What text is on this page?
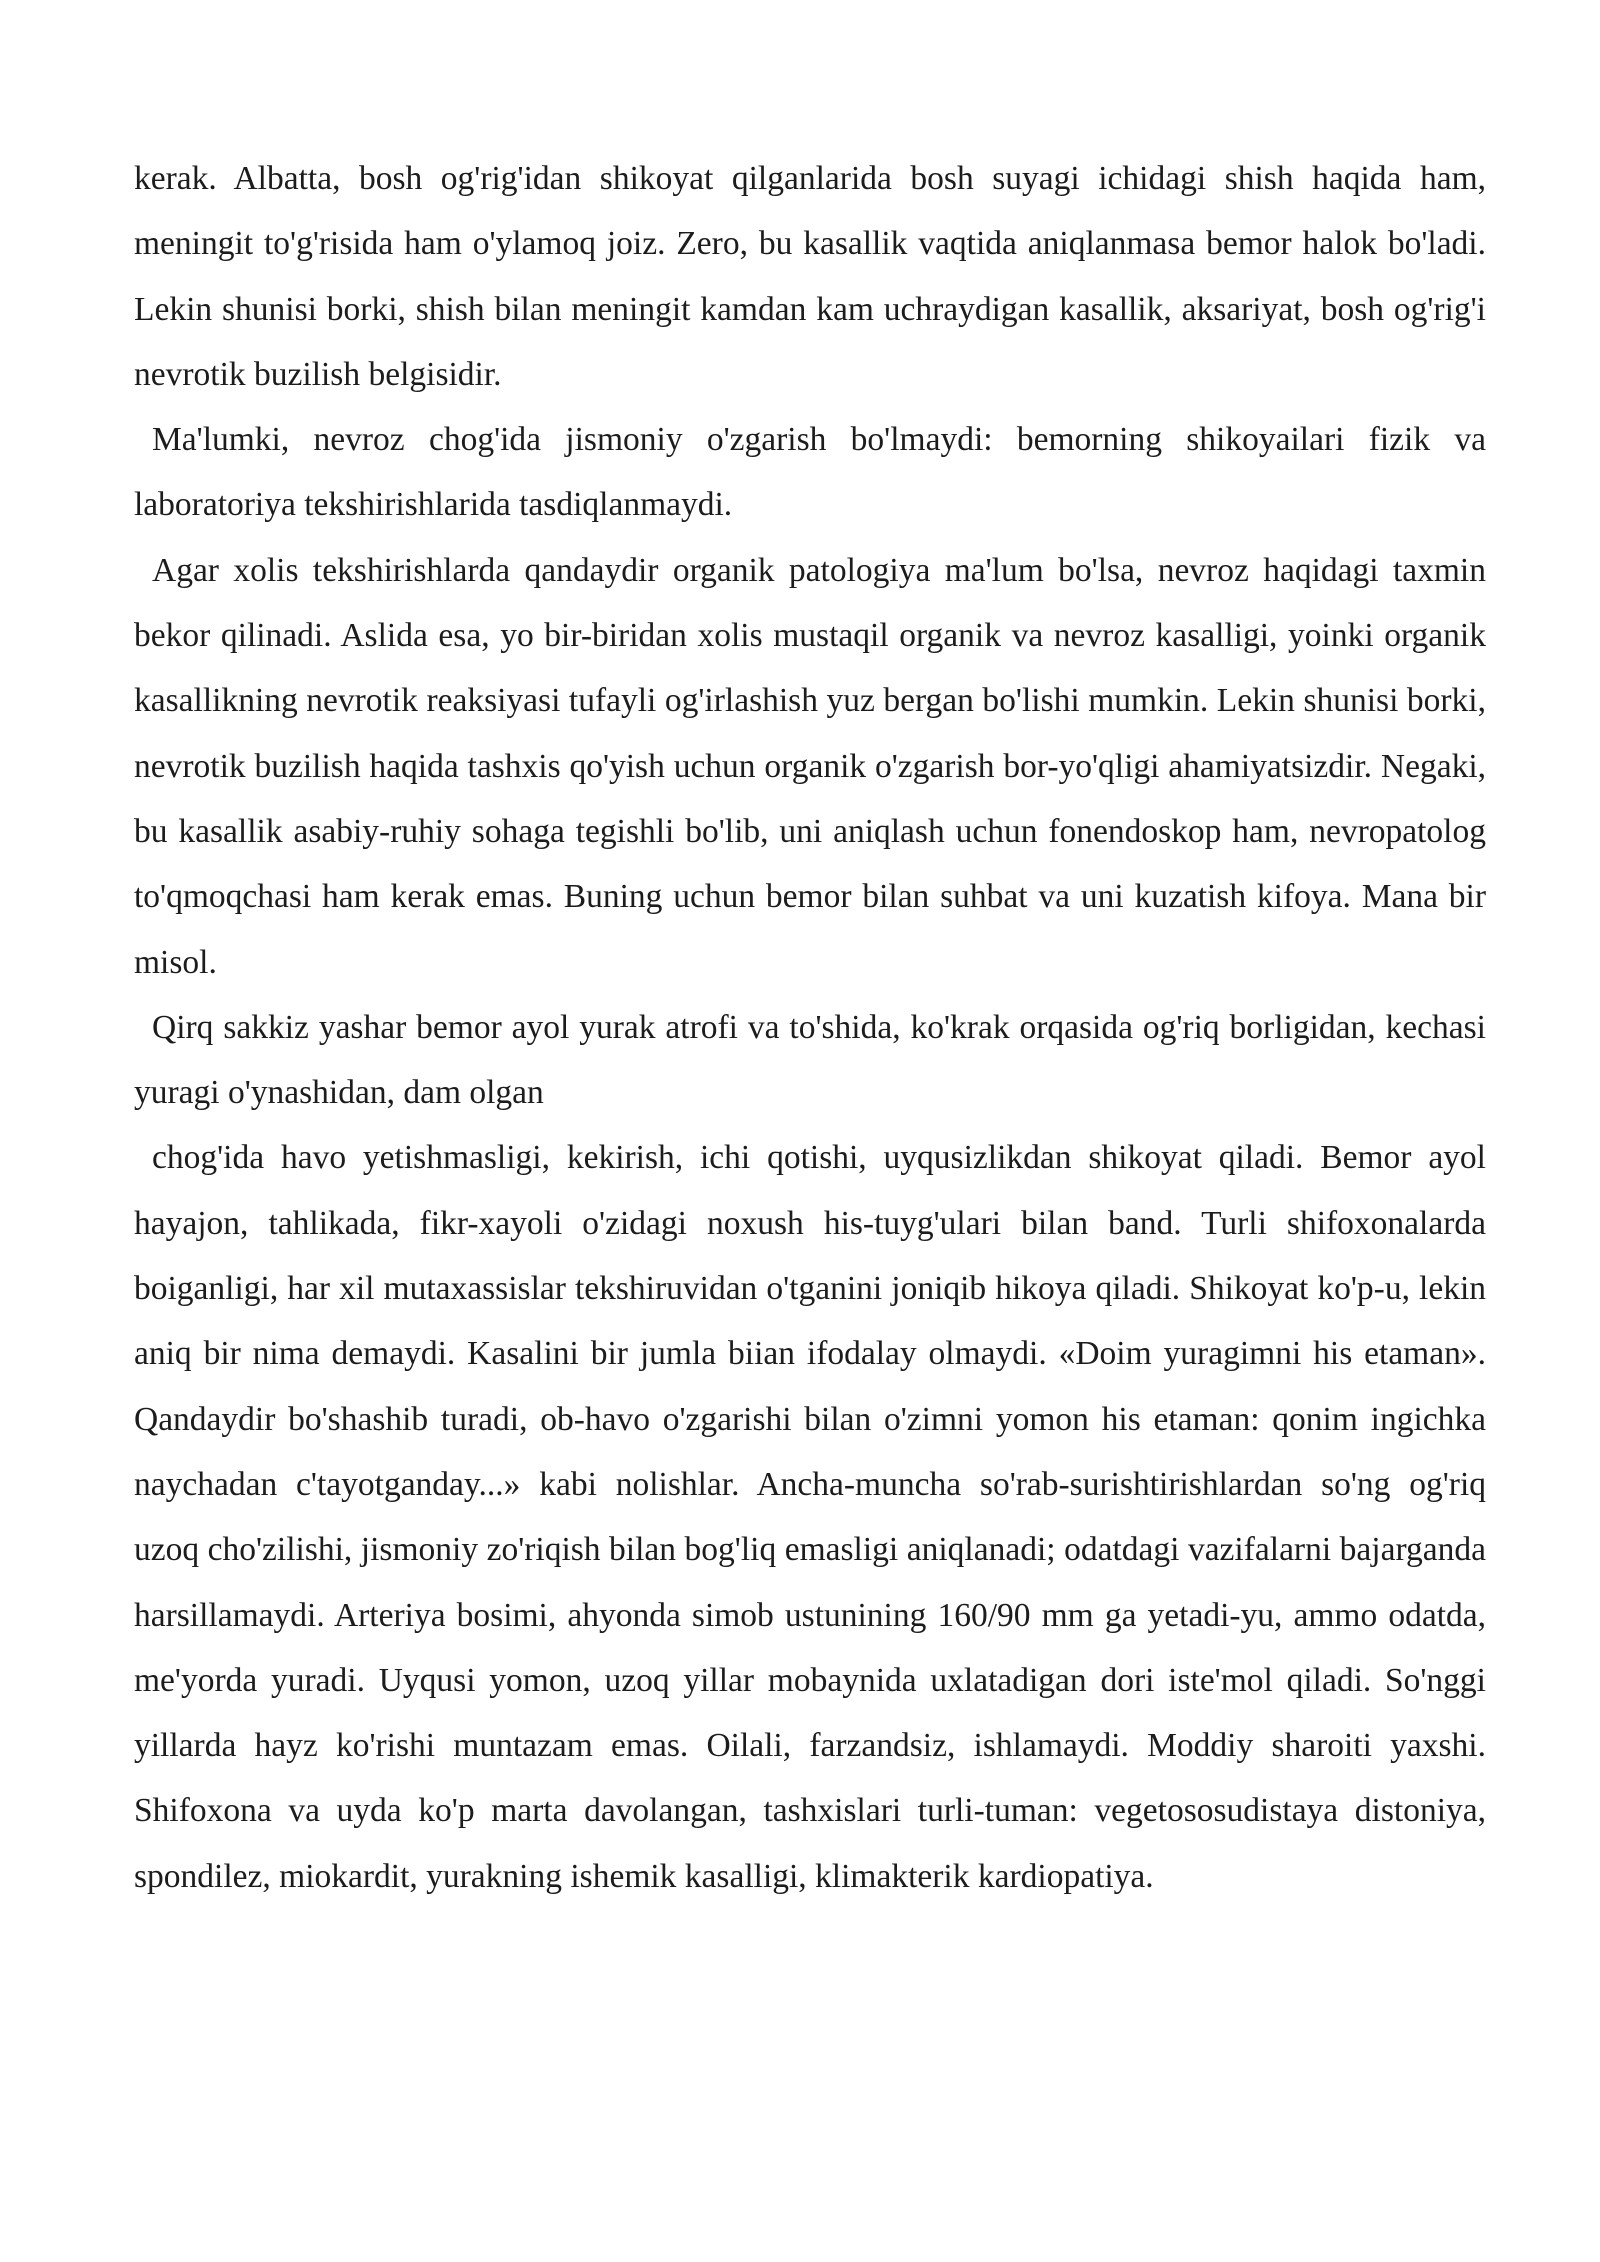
kerak. Albatta, bosh og'rig'idan shikoyat qilganlarida bosh suyagi ichidagi shish haqida ham, meningit to'g'risida ham o'ylamoq joiz. Zero, bu kasallik vaqtida aniqlanmasa bemor halok bo'ladi. Lekin shunisi borki, shish bilan meningit kamdan kam uchraydigan kasallik, aksariyat, bosh og'rig'i nevrotik buzilish belgisidir.

Ma'lumki, nevroz chog'ida jismoniy o'zgarish bo'lmaydi: bemorning shikoyailari fizik va laboratoriya tekshirishlarida tasdiqlanmaydi.

Agar xolis tekshirishlarda qandaydir organik patologiya ma'lum bo'lsa, nevroz haqidagi taxmin bekor qilinadi. Aslida esa, yo bir-biridan xolis mustaqil organik va nevroz kasalligi, yoinki organik kasallikning nevrotik reaksiyasi tufayli og'irlashish yuz bergan bo'lishi mumkin. Lekin shunisi borki, nevrotik buzilish haqida tashxis qo'yish uchun organik o'zgarish bor-yo'qligi ahamiyatsizdir. Negaki, bu kasallik asabiy-ruhiy sohaga tegishli bo'lib, uni aniqlash uchun fonendoskop ham, nevropatolog to'qmoqchasi ham kerak emas. Buning uchun bemor bilan suhbat va uni kuzatish kifoya. Mana bir misol.

Qirq sakkiz yashar bemor ayol yurak atrofi va to'shida, ko'krak orqasida og'riq borligidan, kechasi yuragi o'ynashidan, dam olgan

chog'ida havo yetishmasligi, kekirish, ichi qotishi, uyqusizlikdan shikoyat qiladi. Bemor ayol hayajon, tahlikada, fikr-xayoli o'zidagi noxush his-tuyg'ulari bilan band. Turli shifoxonalarda boiganligi, har xil mutaxassislar tekshiruvidan o'tganini joniqib hikoya qiladi. Shikoyat ko'p-u, lekin aniq bir nima demaydi. Kasalini bir jumla biian ifodalay olmaydi. «Doim yuragimni his etaman». Qandaydir bo'shashib turadi, ob-havo o'zgarishi bilan o'zimni yomon his etaman: qonim ingichka naychadan c'tayotganday...» kabi nolishlar. Ancha-muncha so'rab-surishtirishlardan so'ng og'riq uzoq cho'zilishi, jismoniy zo'riqish bilan bog'liq emasligi aniqlanadi; odatdagi vazifalarni bajarganda harsillamaydi. Arteriya bosimi, ahyonda simob ustunining 160/90 mm ga yetadi-yu, ammo odatda, me'yorda yuradi. Uyqusi yomon, uzoq yillar mobaynida uxlatadigan dori iste'mol qiladi. So'nggi yillarda hayz ko'rishi muntazam emas. Oilali, farzandsiz, ishlamaydi. Moddiy sharoiti yaxshi. Shifoxona va uyda ko'p marta davolangan, tashxislari turli-tuman: vegetososudistaya distoniya, spondilez, miokardit, yurakning ishemik kasalligi, klimakterik kardiopatiya.
